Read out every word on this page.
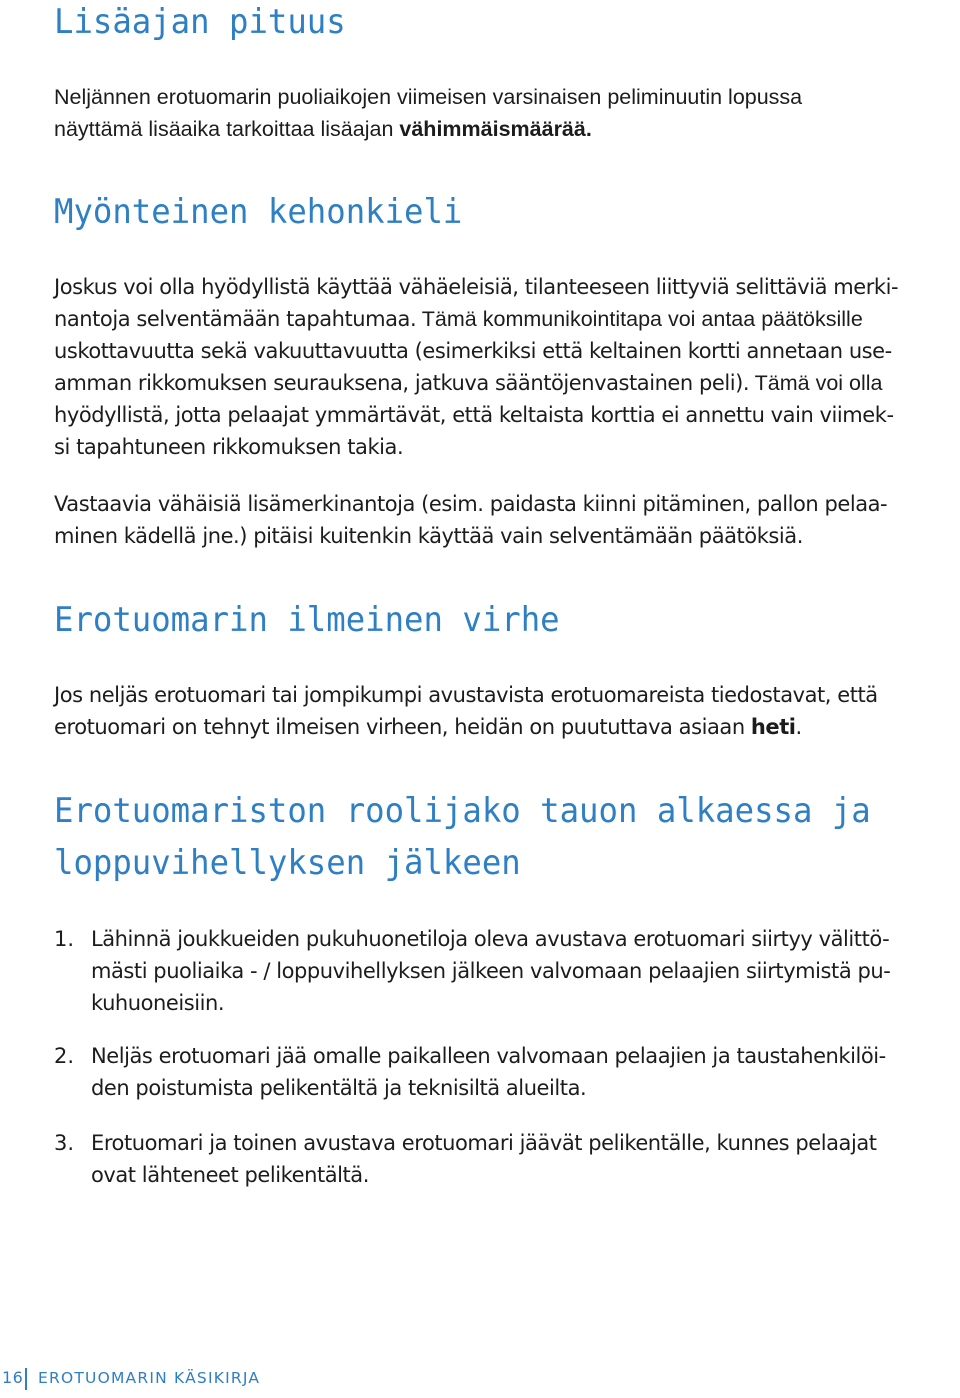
Lisäajan pituus
Neljännen erotuomarin puoliaikojen viimeisen varsinaisen peliminuutin lopussa
näyttämä lisäaika tarkoittaa lisäajan vähimmäismäärää.
Myönteinen kehonkieli
Joskus voi olla hyödyllistä käyttää vähäeleisiä, tilanteeseen liittyviä selittäviä merki-
nantoja selventämään tapahtumaa. Tämä kommunikointitapa voi antaa päätöksille
uskottavuutta sekä vakuuttavuutta (esimerkiksi että keltainen kortti annetaan use-
amman rikkomuksen seurauksena, jatkuva sääntöjenvastainen peli). Tämä voi olla
hyödyllistä, jotta pelaajat ymmärtävät, että keltaista korttia ei annettu vain viimek-
si tapahtuneen rikkomuksen takia.
Vastaavia vähäisiä lisämerkinantoja (esim. paidasta kiinni pitäminen, pallon pelaa-
minen kädellä jne.) pitäisi kuitenkin käyttää vain selventämään päätöksiä.
Erotuomarin ilmeinen virhe
Jos neljäs erotuomari tai jompikumpi avustavista erotuomareista tiedostavat, että
erotuomari on tehnyt ilmeisen virheen, heidän on puututtava asiaan heti.
Erotuomariston roolijako tauon alkaessa ja
loppuvihellyksen jälkeen
1. Lähinnä joukkueiden pukuhuonetiloja oleva avustava erotuomari siirtyy välittö-
mästi puoliaika - / loppuvihellyksen jälkeen valvomaan pelaajien siirtymistä pu-
kuhuoneisiin.
2. Neljäs erotuomari jää omalle paikalleen valvomaan pelaajien ja taustahenkilöi-
den poistumista pelikentältä ja teknisiltä alueilta.
3. Erotuomari ja toinen avustava erotuomari jäävät pelikentälle, kunnes pelaajat
ovat lähteneet pelikentältä.
16 EROTUOMARIN KÄSIKIRJA
